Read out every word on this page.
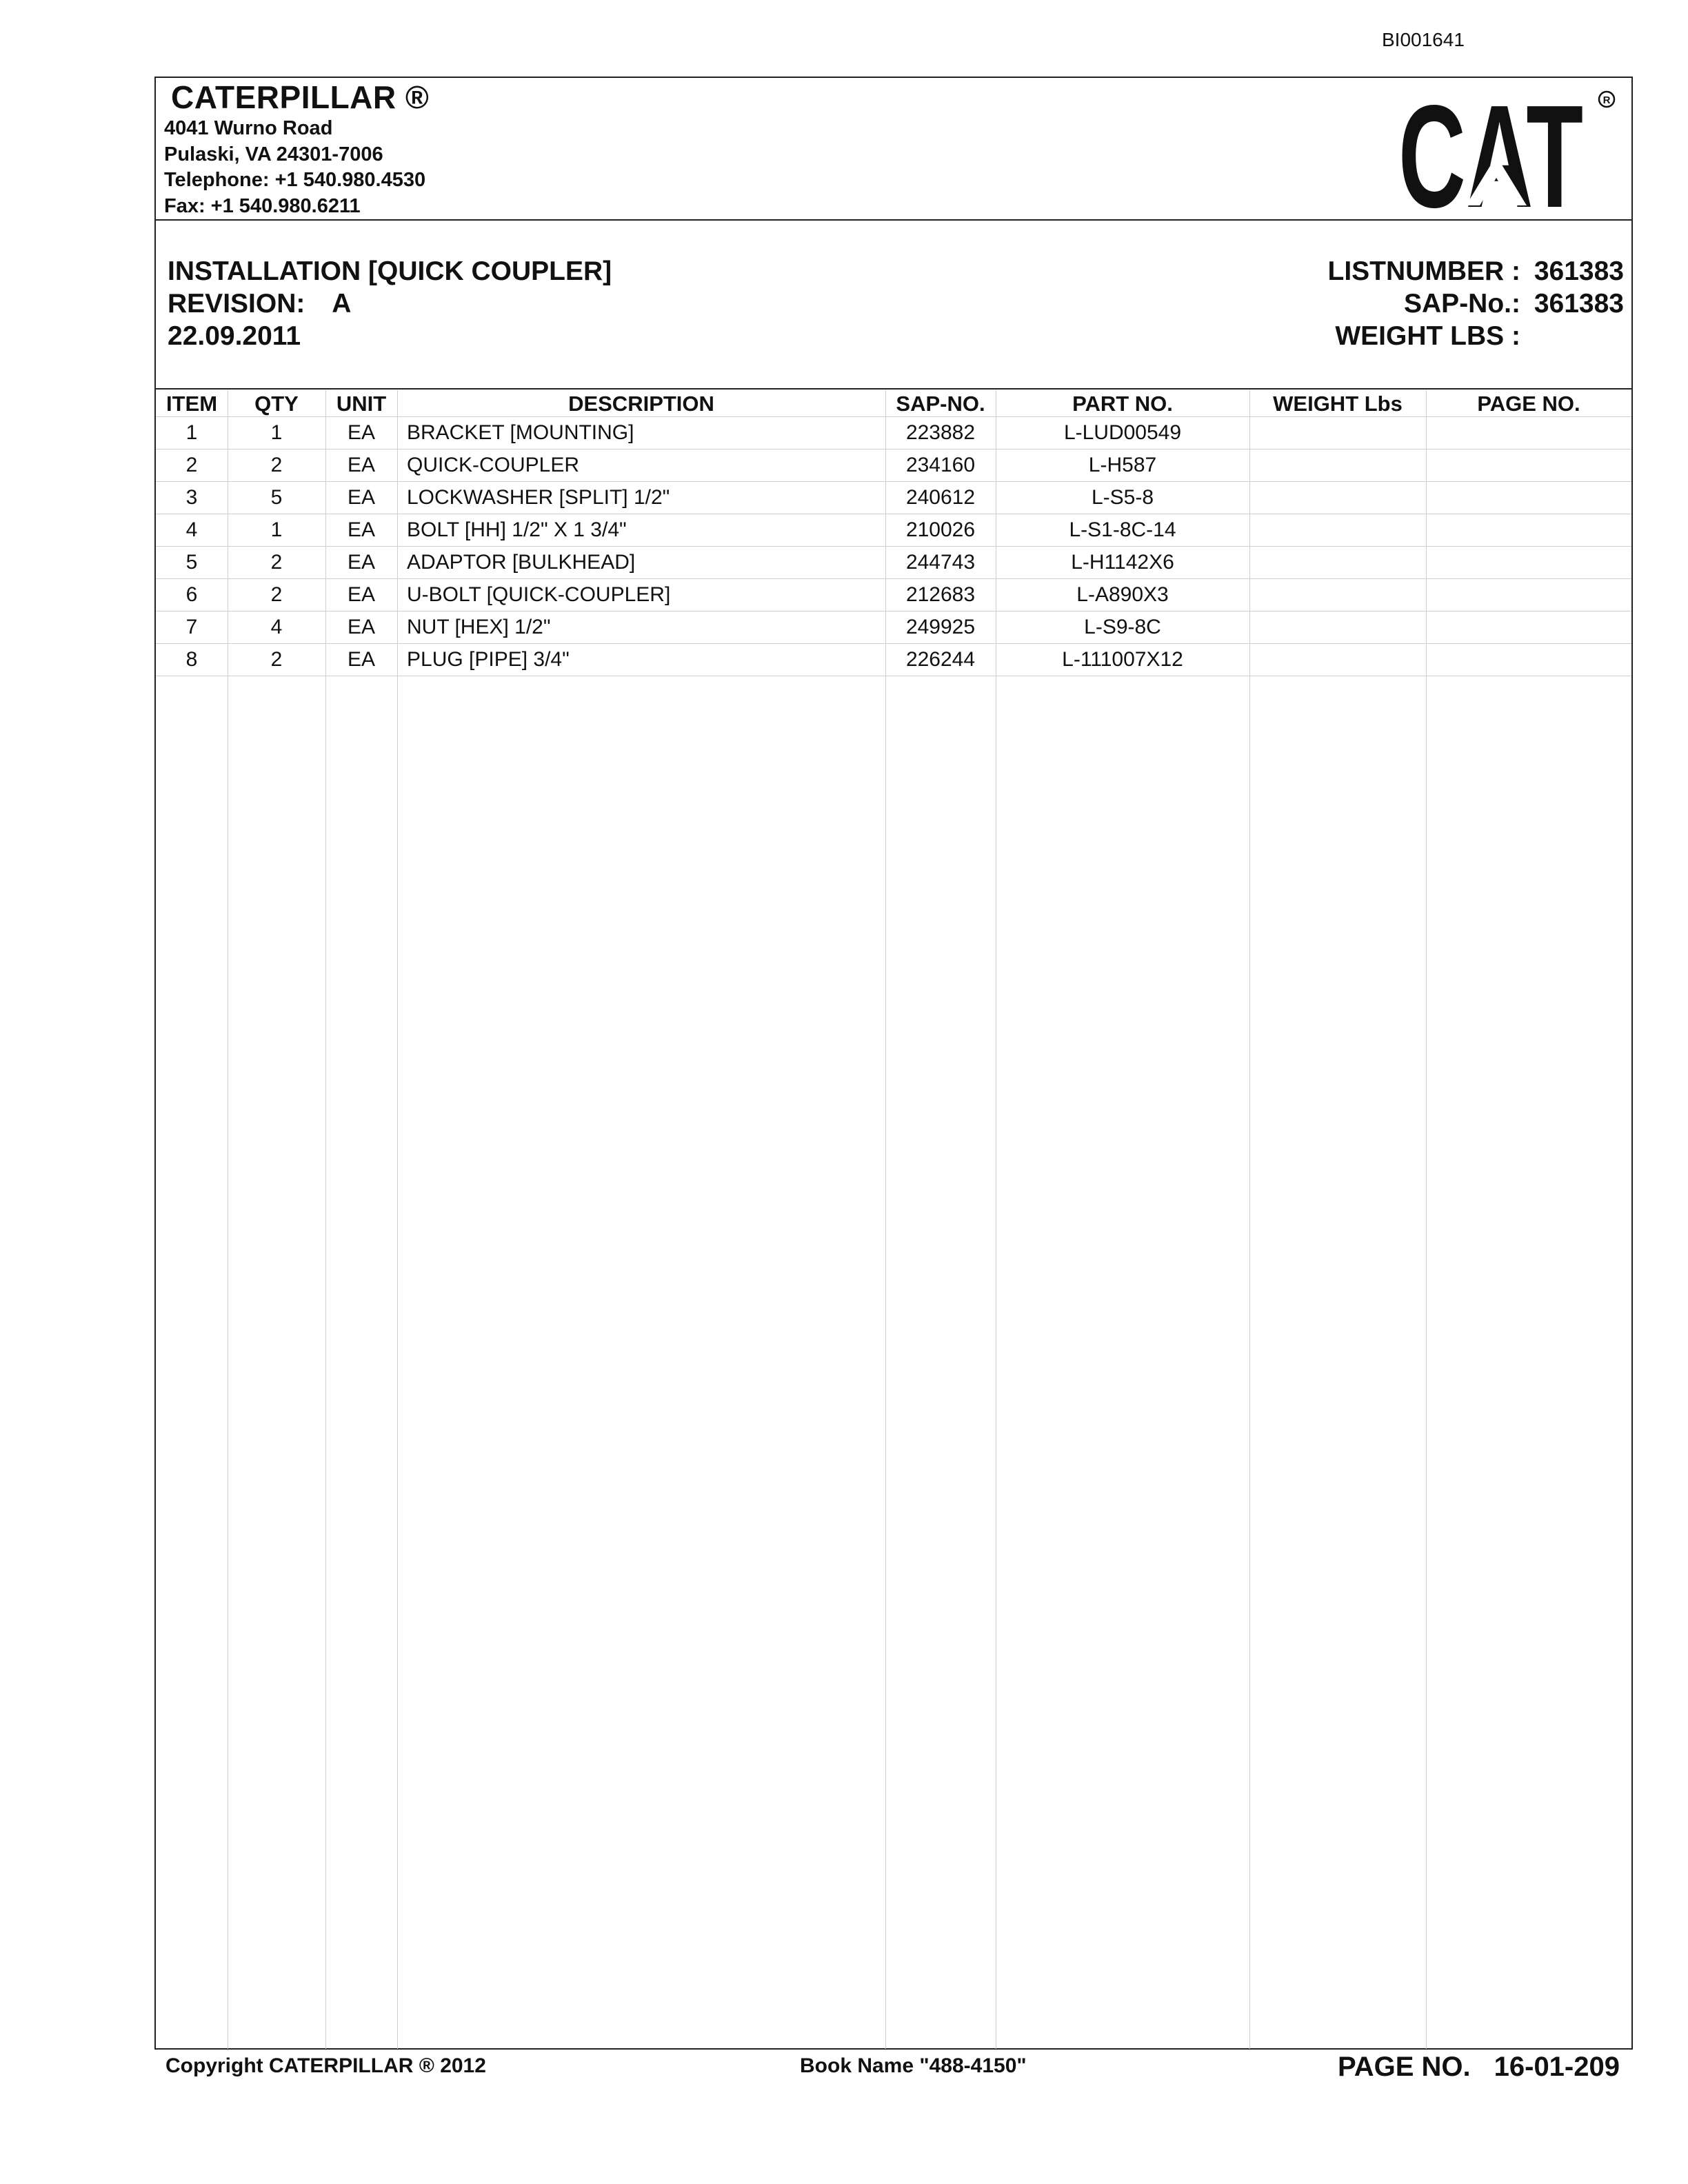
BI001641
CATERPILLAR ®
4041 Wurno Road
Pulaski, VA 24301-7006
Telephone: +1 540.980.4530
Fax: +1 540.980.6211	CAT R
INSTALLATION [QUICK COUPLER]
REVISION: A
22.09.2011
LISTNUMBER : 361383
SAP-No.: 361383
WEIGHT LBS :
ITEM	QTY	UNIT	DESCRIPTION	SAP-NO.	PART NO.	WEIGHT Lbs	PAGE NO.
1	1	EA	BRACKET [MOUNTING]	223882	L-LUD00549
2	2	EA	QUICK-COUPLER	234160	L-H587
3	5	EA	LOCKWASHER [SPLIT] 1/2"	240612	L-S5-8
4	1	EA	BOLT [HH] 1/2" X 1 3/4"	210026	L-S1-8C-14
5	2	EA	ADAPTOR [BULKHEAD]	244743	L-H1142X6
6	2	EA	U-BOLT [QUICK-COUPLER]	212683	L-A890X3
7	4	EA	NUT [HEX] 1/2"	249925	L-S9-8C
8	2	EA	PLUG [PIPE] 3/4"	226244	L-111007X12
Copyright CATERPILLAR ® 2012	Book Name "488-4150"	PAGE NO. 16-01-209
